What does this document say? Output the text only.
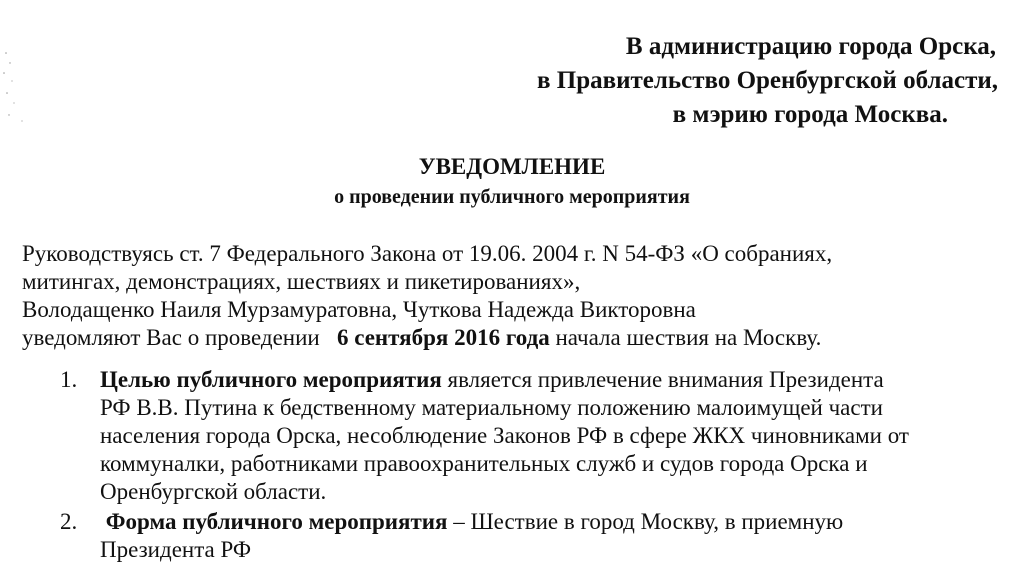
В администрацию города Орска,
в Правительство Оренбургской области,
в мэрию города Москва.
УВЕДОМЛЕНИЕ
о проведении публичного мероприятия
Руководствуясь ст. 7 Федерального Закона от 19.06. 2004 г. N 54-ФЗ «О собраниях,
митингах, демонстрациях, шествиях и пикетированиях»,
Володащенко Наиля Мурзамуратовна, Чуткова Надежда Викторовна
уведомляют Вас о проведении   6 сентября 2016 года начала шествия на Москву.
1. Целью публичного мероприятия является привлечение внимания Президента
РФ В.В. Путина к бедственному материальному положению малоимущей части
населения города Орска, несоблюдение Законов РФ в сфере ЖКХ чиновниками от
коммуналки, работниками правоохранительных служб и судов города Орска и
Оренбургской области.
2. Форма публичного мероприятия – Шествие в город Москву, в приемную
Президента РФ
